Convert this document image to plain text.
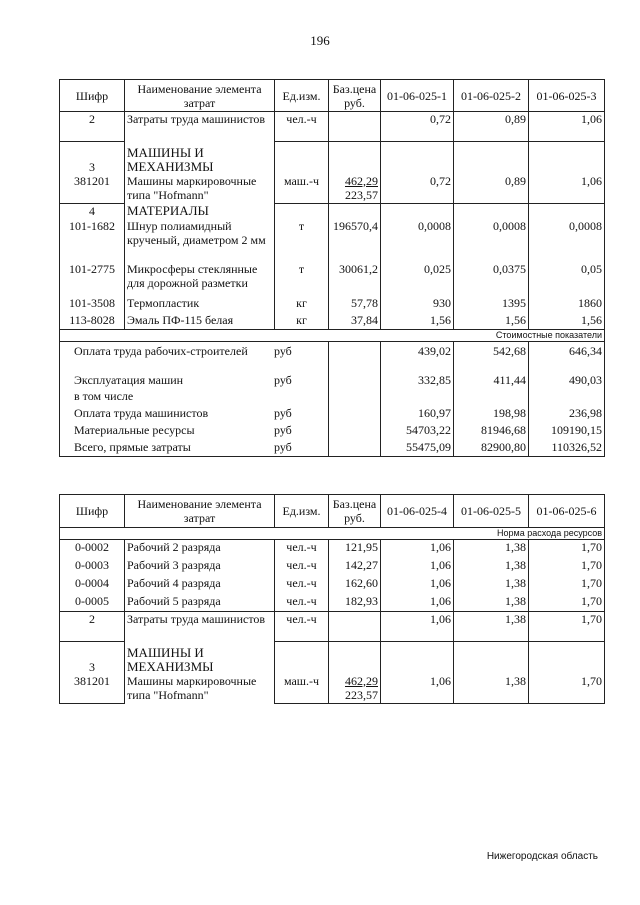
196
Шифр	Наименование элемента затрат	Ед.изм.	Баз.цена руб.	01-06-025-1	01-06-025-2	01-06-025-3
2	Затраты труда машинистов	чел.-ч		0,72	0,89	1,06

3	МАШИНЫ И МЕХАНИЗМЫ					
381201	Машины маркировочные типа "Hofmann"	маш.-ч	462,29	0,72	0,89	1,06
			223,57			
4	МАТЕРИАЛЫ					
101-1682	Шнур полиамидный крученый, диаметром 2 мм	т	196570,4	0,0008	0,0008	0,0008
101-2775	Микросферы стеклянные для дорожной разметки	т	30061,2	0,025	0,0375	0,05
101-3508	Термопластик	кг	57,78	930	1395	1860
113-8028	Эмаль ПФ-115 белая	кг	37,84	1,56	1,56	1,56
				Стоимостные показатели		

Оплата труда рабочих-строителей руб				439,02	542,68	646,34

Эксплуатация машин руб				332,85	411,44	490,03
в том числе						

Оплата труда машинистов руб				160,97	198,98	236,98

Материальные ресурсы руб				54703,22	81946,68	109190,15

Всего, прямые затраты руб				55475,09	82900,80	110326,52
Шифр	Наименование элемента затрат	Ед.изм.	Баз.цена руб.	01-06-025-4	01-06-025-5	01-06-025-6
				Норма расхода ресурсов		
0-0002	Рабочий 2 разряда	чел.-ч	121,95	1,06	1,38	1,70
0-0003	Рабочий 3 разряда	чел.-ч	142,27	1,06	1,38	1,70
0-0004	Рабочий 4 разряда	чел.-ч	162,60	1,06	1,38	1,70
0-0005	Рабочий 5 разряда	чел.-ч	182,93	1,06	1,38	1,70
2	Затраты труда машинистов	чел.-ч		1,06	1,38	1,70

3	МАШИНЫ И МЕХАНИЗМЫ					
381201	Машины маркировочные типа "Hofmann"	маш.-ч	462,29	1,06	1,38	1,70
			223,57			
Нижегородская область
